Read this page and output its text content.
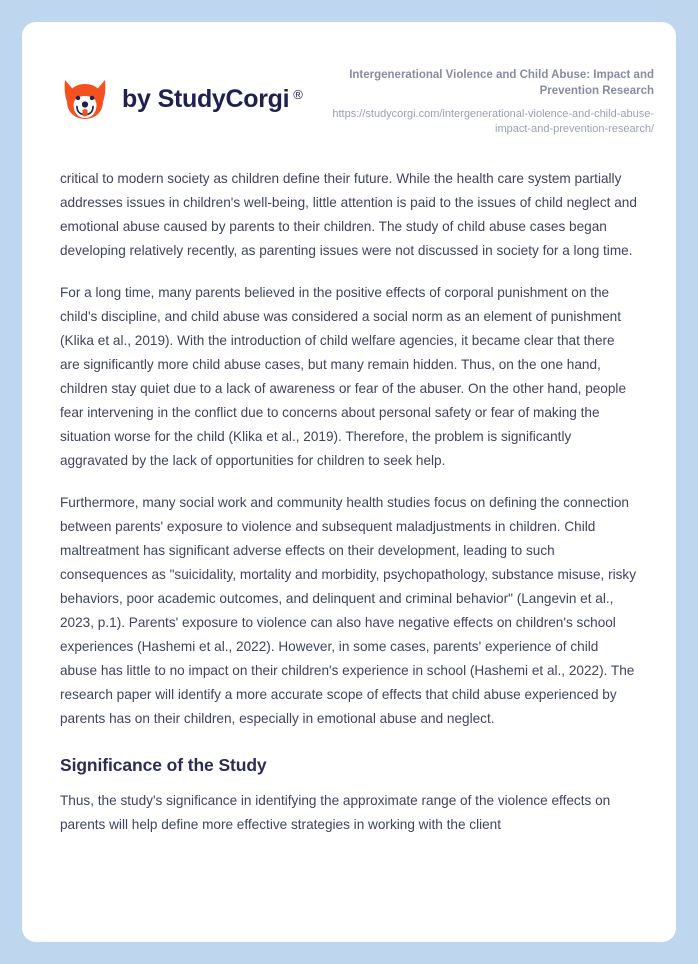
by StudyCorgi ®

Intergenerational Violence and Child Abuse: Impact and Prevention Research

https://studycorgi.com/intergenerational-violence-and-child-abuse-impact-and-prevention-research/

critical to modern society as children define their future. While the health care system partially addresses issues in children's well-being, little attention is paid to the issues of child neglect and emotional abuse caused by parents to their children. The study of child abuse cases began developing relatively recently, as parenting issues were not discussed in society for a long time.

For a long time, many parents believed in the positive effects of corporal punishment on the child's discipline, and child abuse was considered a social norm as an element of punishment (Klika et al., 2019). With the introduction of child welfare agencies, it became clear that there are significantly more child abuse cases, but many remain hidden. Thus, on the one hand, children stay quiet due to a lack of awareness or fear of the abuser. On the other hand, people fear intervening in the conflict due to concerns about personal safety or fear of making the situation worse for the child (Klika et al., 2019). Therefore, the problem is significantly aggravated by the lack of opportunities for children to seek help.

Furthermore, many social work and community health studies focus on defining the connection between parents' exposure to violence and subsequent maladjustments in children. Child maltreatment has significant adverse effects on their development, leading to such consequences as "suicidality, mortality and morbidity, psychopathology, substance misuse, risky behaviors, poor academic outcomes, and delinquent and criminal behavior" (Langevin et al., 2023, p.1). Parents' exposure to violence can also have negative effects on children's school experiences (Hashemi et al., 2022). However, in some cases, parents' experience of child abuse has little to no impact on their children's experience in school (Hashemi et al., 2022). The research paper will identify a more accurate scope of effects that child abuse experienced by parents has on their children, especially in emotional abuse and neglect.

Significance of the Study

Thus, the study's significance in identifying the approximate range of the violence effects on parents will help define more effective strategies in working with the client
